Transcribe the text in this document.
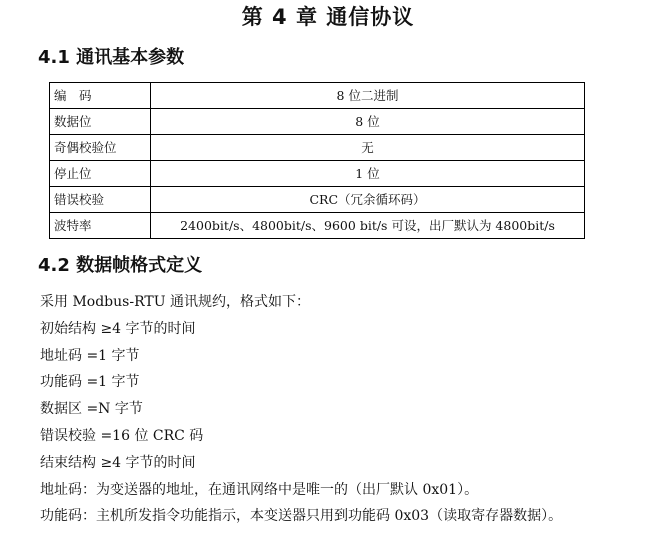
第 4 章 通信协议
4.1 通讯基本参数
编　码	8 位二进制
数据位	8 位
奇偶校验位	无
停止位	1 位
错误校验	CRC（冗余循环码）
波特率	2400bit/s、4800bit/s、9600 bit/s 可设，出厂默认为 4800bit/s
4.2 数据帧格式定义
采用 Modbus-RTU 通讯规约，格式如下：
初始结构 ≥4 字节的时间
地址码 =1 字节
功能码 =1 字节
数据区 =N 字节
错误校验 =16 位 CRC 码
结束结构 ≥4 字节的时间
地址码：为变送器的地址，在通讯网络中是唯一的（出厂默认 0x01）。
功能码：主机所发指令功能指示，本变送器只用到功能码 0x03（读取寄存器数据）。
